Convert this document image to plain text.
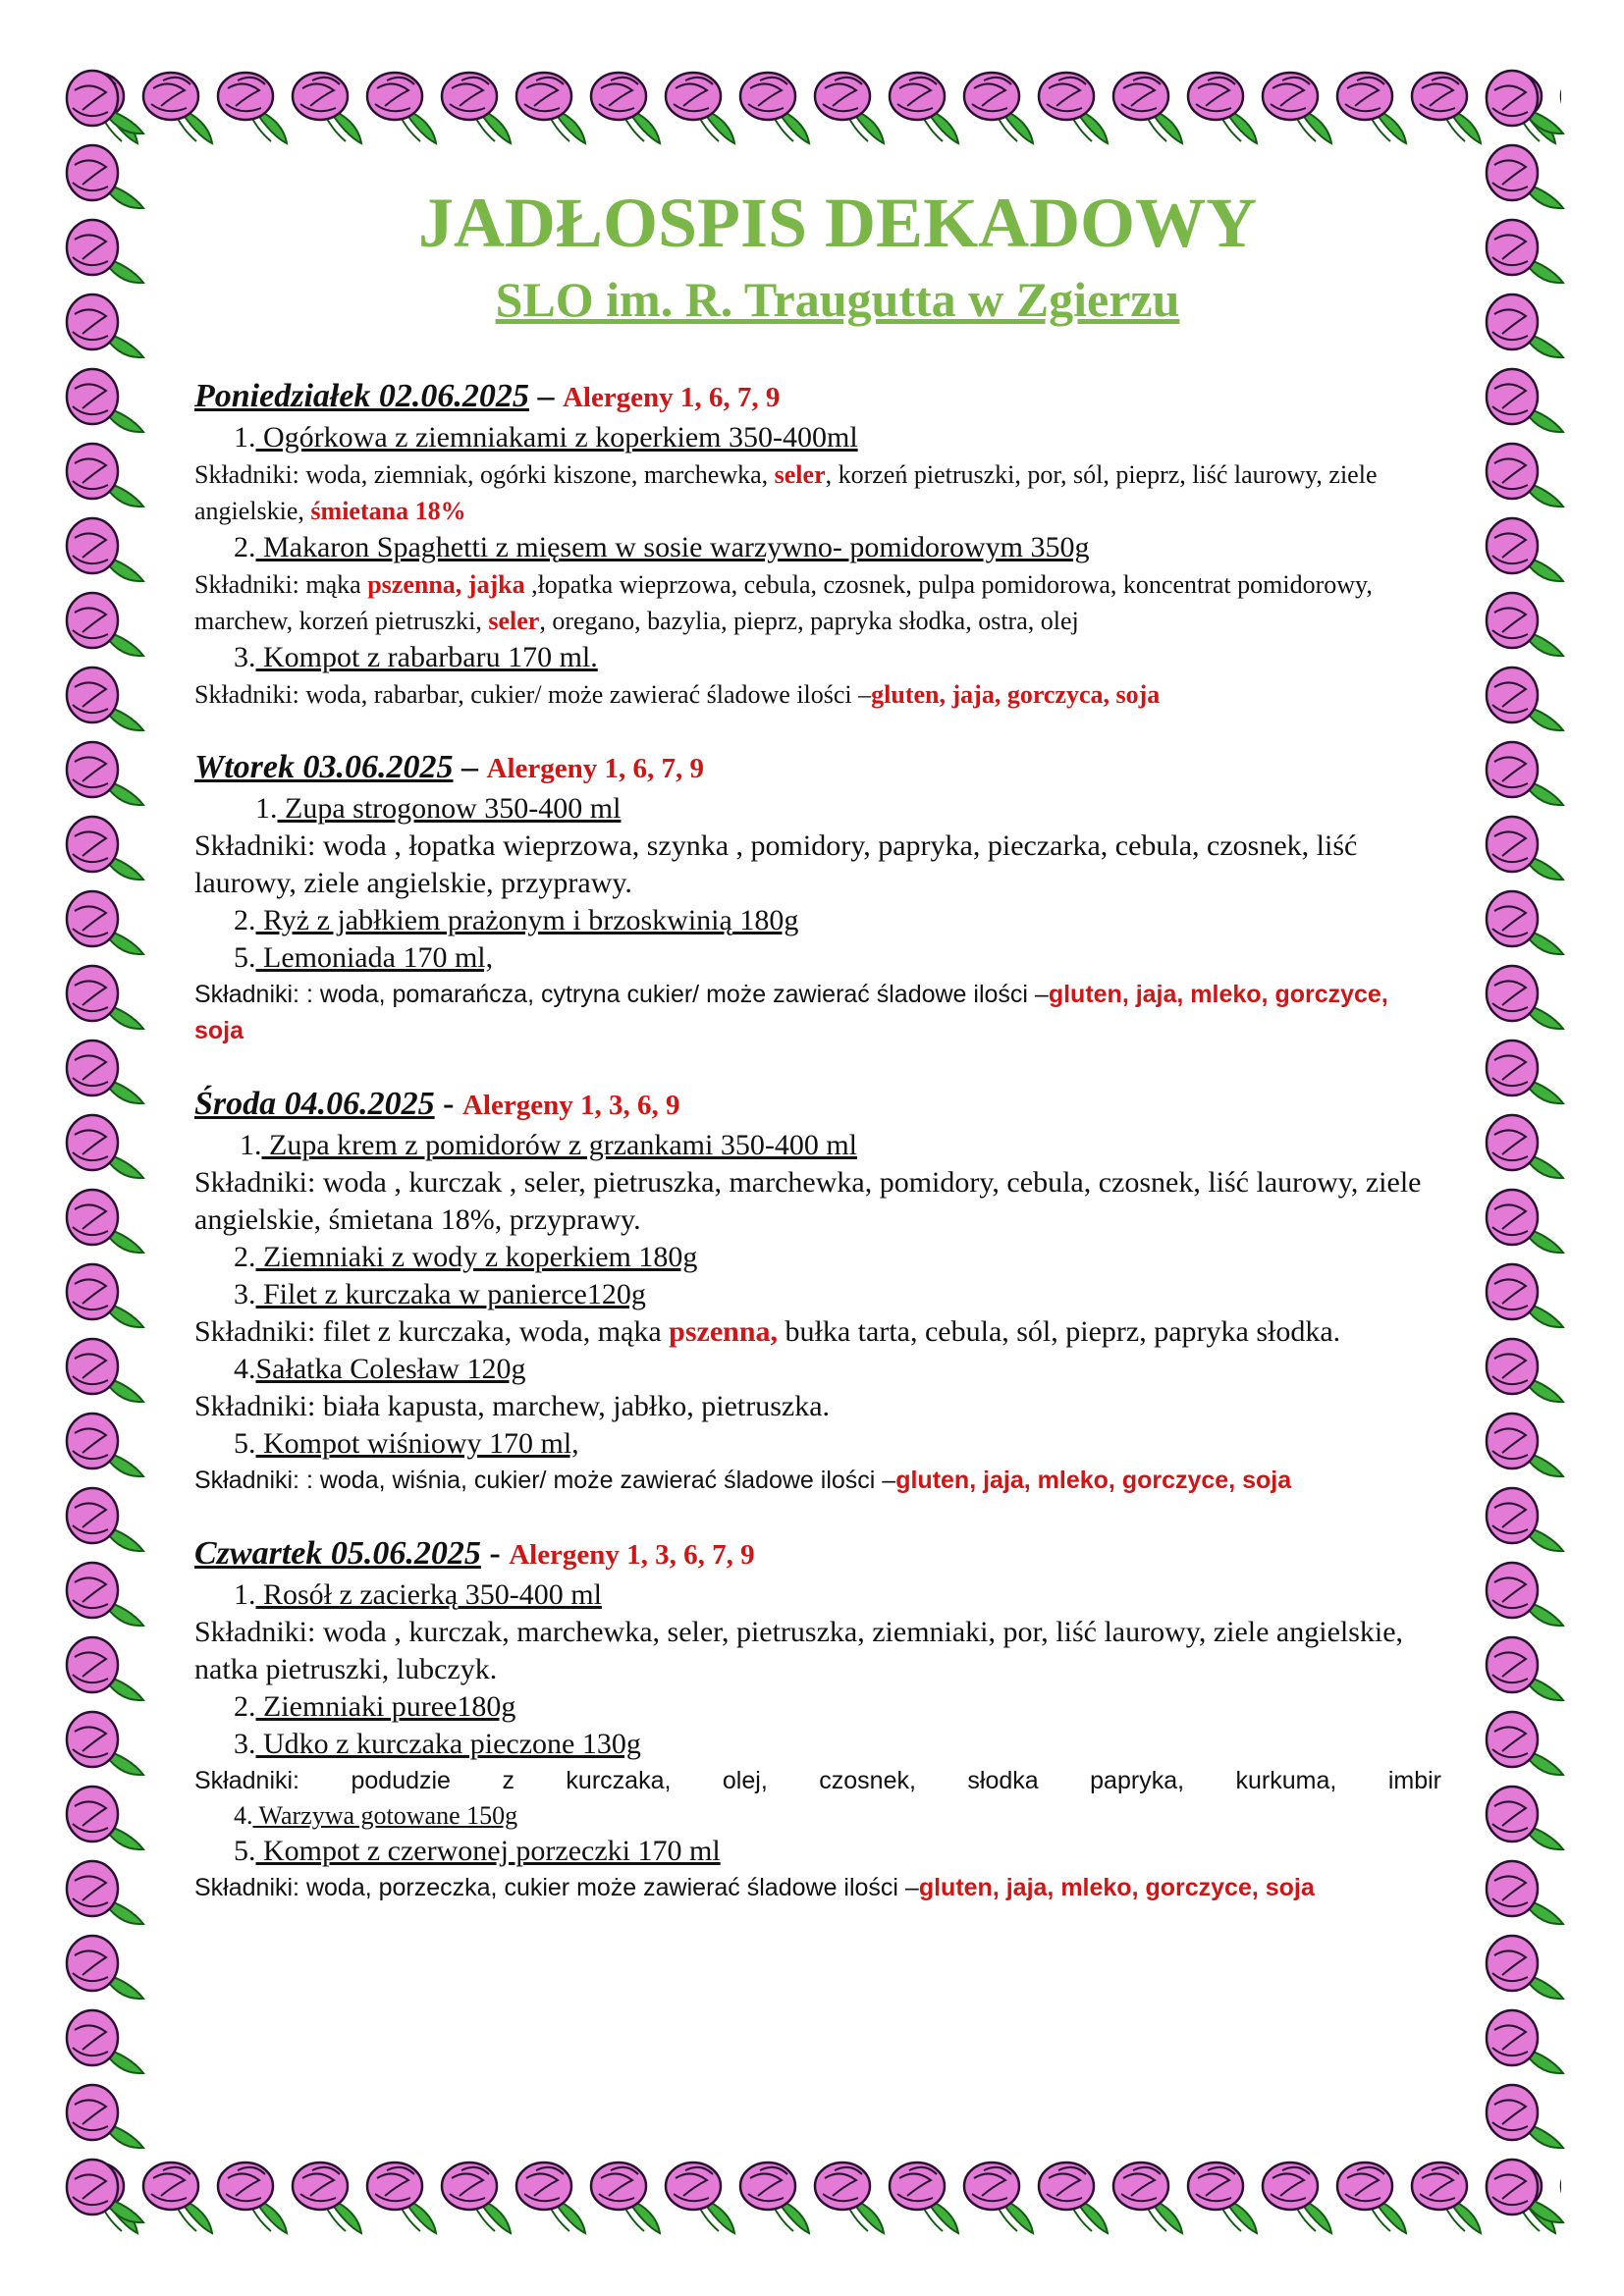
JADŁOSPIS DEKADOWY
SLO im. R. Traugutta w Zgierzu
Poniedziałek 02.06.2025 – Alergeny 1, 6, 7, 9
1. Ogórkowa z ziemniakami z koperkiem 350-400ml
Składniki: woda, ziemniak, ogórki kiszone, marchewka, seler, korzeń pietruszki, por, sól, pieprz, liść laurowy, ziele angielskie, śmietana 18%
2. Makaron Spaghetti z mięsem w sosie warzywno- pomidorowym 350g
Składniki: mąka pszenna, jajka ,łopatka wieprzowa, cebula, czosnek, pulpa pomidorowa, koncentrat pomidorowy, marchew, korzeń pietruszki, seler, oregano, bazylia, pieprz, papryka słodka, ostra, olej
3. Kompot z rabarbaru 170 ml.
Składniki: woda, rabarbar, cukier/ może zawierać śladowe ilości –gluten, jaja, gorczyca, soja
Wtorek 03.06.2025 – Alergeny 1, 6, 7, 9
1. Zupa strogonow 350-400 ml
Składniki: woda , łopatka wieprzowa, szynka , pomidory, papryka, pieczarka, cebula, czosnek, liść laurowy, ziele angielskie, przyprawy.
2. Ryż z jabłkiem prażonym i brzoskwinią 180g
5. Lemoniada 170 ml,
Składniki: : woda, pomarańcza, cytryna cukier/ może zawierać śladowe ilości –gluten, jaja, mleko, gorczyce, soja
Środa 04.06.2025 - Alergeny 1, 3, 6, 9
1. Zupa krem z pomidorów z grzankami 350-400 ml
Składniki: woda , kurczak , seler, pietruszka, marchewka, pomidory, cebula, czosnek, liść laurowy, ziele angielskie, śmietana 18%, przyprawy.
2. Ziemniaki z wody z koperkiem 180g
3. Filet z kurczaka w panierce120g
Składniki: filet z kurczaka, woda, mąka pszenna, bułka tarta, cebula, sól, pieprz, papryka słodka.
4.Sałatka Colesław 120g
Składniki: biała kapusta, marchew, jabłko, pietruszka.
5. Kompot wiśniowy 170 ml,
Składniki: : woda, wiśnia, cukier/ może zawierać śladowe ilości –gluten, jaja, mleko, gorczyce, soja
Czwartek 05.06.2025 - Alergeny 1, 3, 6, 7, 9
1. Rosół z zacierką 350-400 ml
Składniki: woda , kurczak, marchewka, seler, pietruszka, ziemniaki, por, liść laurowy, ziele angielskie, natka pietruszki, lubczyk.
2. Ziemniaki puree180g
3. Udko z kurczaka pieczone 130g
Składniki: podudzie z kurczaka, olej, czosnek, słodka papryka, kurkuma, imbir
4. Warzywa gotowane 150g
5. Kompot z czerwonej porzeczki 170 ml
Składniki: woda, porzeczka, cukier może zawierać śladowe ilości –gluten, jaja, mleko, gorczyce, soja
